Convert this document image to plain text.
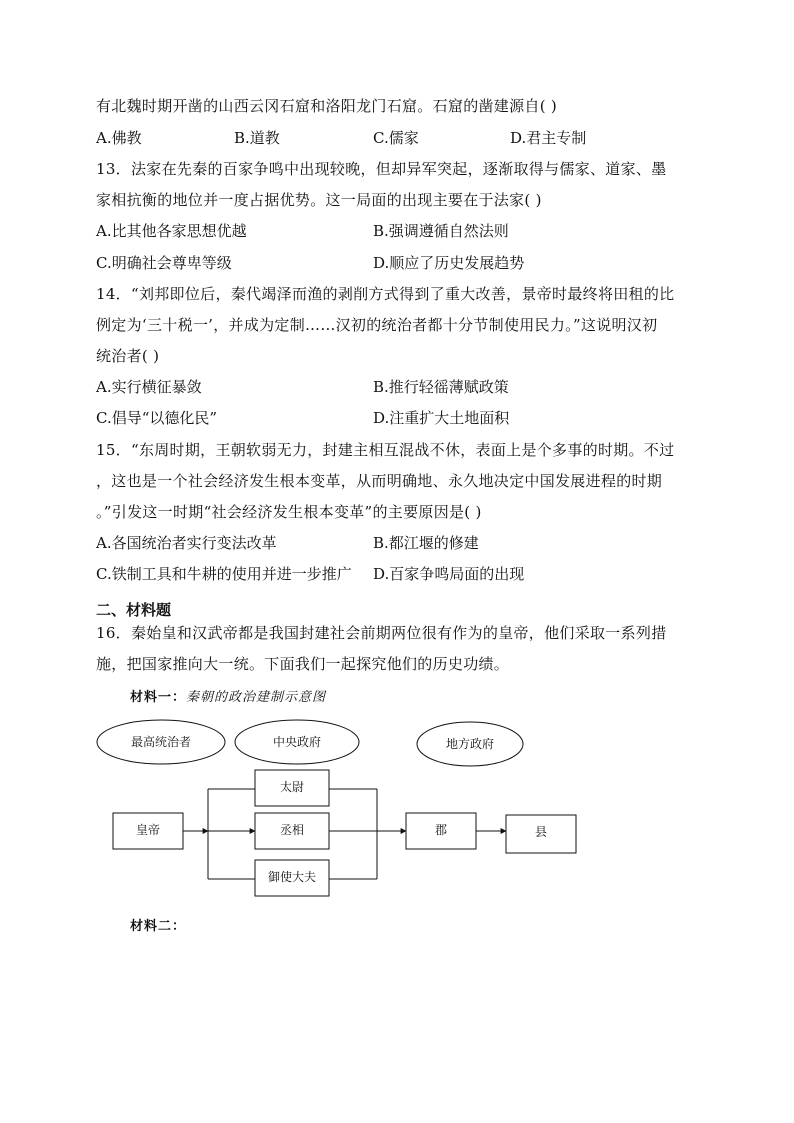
有北魏时期开凿的山西云冈石窟和洛阳龙门石窟。石窟的凿建源自( )
A.佛教	B.道教	C.儒家	D.君主专制
13．法家在先秦的百家争鸣中出现较晚，但却异军突起，逐渐取得与儒家、道家、墨
家相抗衡的地位并一度占据优势。这一局面的出现主要在于法家( )
A.比其他各家思想优越	B.强调遵循自然法则
C.明确社会尊卑等级	D.顺应了历史发展趋势
14．“刘邦即位后，秦代竭泽而渔的剥削方式得到了重大改善，景帝时最终将田租的比
例定为‘三十税一’，并成为定制……汉初的统治者都十分节制使用民力。”这说明汉初
统治者( )
A.实行横征暴敛	B.推行轻徭薄赋政策
C.倡导“以德化民”	D.注重扩大土地面积
15．“东周时期，王朝软弱无力，封建主相互混战不休，表面上是个多事的时期。不过
，这也是一个社会经济发生根本变革，从而明确地、永久地决定中国发展进程的时期
。”引发这一时期“社会经济发生根本变革”的主要原因是( )
A.各国统治者实行变法改革	B.都江堰的修建
C.铁制工具和牛耕的使用并进一步推广 D.百家争鸣局面的出现
二、材料题
16．秦始皇和汉武帝都是我国封建社会前期两位很有作为的皇帝，他们采取一系列措
施，把国家推向大一统。下面我们一起探究他们的历史功绩。
材料一：秦朝的政治建制示意图
最高统治者	中央政府	地方政府
皇帝
太尉
丞相
御使大夫
郡	县
材料二：
